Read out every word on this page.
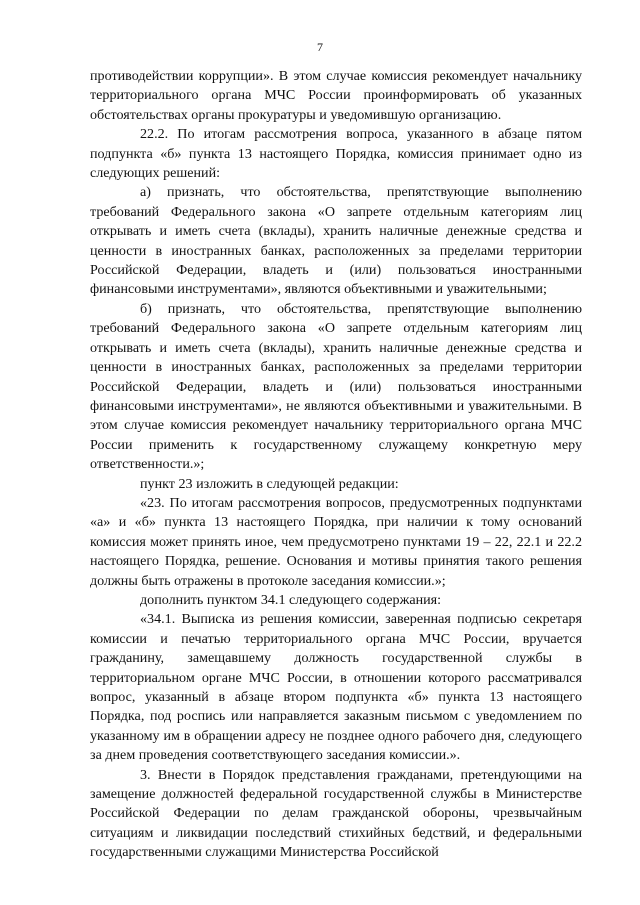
7

противодействии коррупции». В этом случае комиссия рекомендует начальнику территориального органа МЧС России проинформировать об указанных обстоятельствах органы прокуратуры и уведомившую организацию.

22.2. По итогам рассмотрения вопроса, указанного в абзаце пятом подпункта «б» пункта 13 настоящего Порядка, комиссия принимает одно из следующих решений:

а) признать, что обстоятельства, препятствующие выполнению требований Федерального закона «О запрете отдельным категориям лиц открывать и иметь счета (вклады), хранить наличные денежные средства и ценности в иностранных банках, расположенных за пределами территории Российской Федерации, владеть и (или) пользоваться иностранными финансовыми инструментами», являются объективными и уважительными;

б) признать, что обстоятельства, препятствующие выполнению требований Федерального закона «О запрете отдельным категориям лиц открывать и иметь счета (вклады), хранить наличные денежные средства и ценности в иностранных банках, расположенных за пределами территории Российской Федерации, владеть и (или) пользоваться иностранными финансовыми инструментами», не являются объективными и уважительными. В этом случае комиссия рекомендует начальнику территориального органа МЧС России применить к государственному служащему конкретную меру ответственности.»;

пункт 23 изложить в следующей редакции:

«23. По итогам рассмотрения вопросов, предусмотренных подпунктами «а» и «б» пункта 13 настоящего Порядка, при наличии к тому оснований комиссия может принять иное, чем предусмотрено пунктами 19 – 22, 22.1 и 22.2 настоящего Порядка, решение. Основания и мотивы принятия такого решения должны быть отражены в протоколе заседания комиссии.»;

дополнить пунктом 34.1 следующего содержания:

«34.1. Выписка из решения комиссии, заверенная подписью секретаря комиссии и печатью территориального органа МЧС России, вручается гражданину, замещавшему должность государственной службы в территориальном органе МЧС России, в отношении которого рассматривался вопрос, указанный в абзаце втором подпункта «б» пункта 13 настоящего Порядка, под роспись или направляется заказным письмом с уведомлением по указанному им в обращении адресу не позднее одного рабочего дня, следующего за днем проведения соответствующего заседания комиссии.».

3. Внести в Порядок представления гражданами, претендующими на замещение должностей федеральной государственной службы в Министерстве Российской Федерации по делам гражданской обороны, чрезвычайным ситуациям и ликвидации последствий стихийных бедствий, и федеральными государственными служащими Министерства Российской
